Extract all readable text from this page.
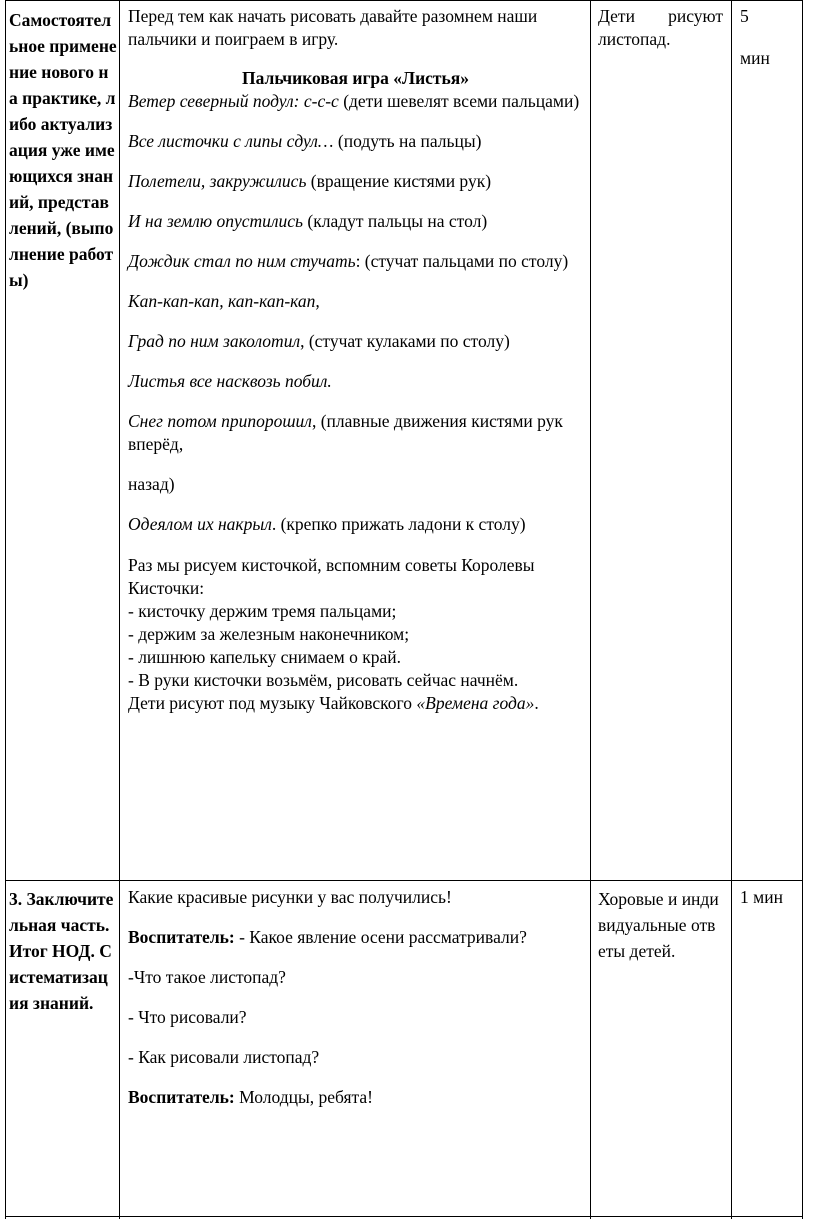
Самостоятельное применение нового на практике, либо актуализация уже имеющихся знаний, представлений, (выполнение работы)

Перед тем как начать рисовать давайте разомнем наши пальчики и поиграем в игру.

Пальчиковая игра «Листья»

Ветер северный подул: с-с-с (дети шевелят всеми пальцами)

Все листочки с липы сдул… (подуть на пальцы)

Полетели, закружились (вращение кистями рук)

И на землю опустились (кладут пальцы на стол)

Дождик стал по ним стучать: (стучат пальцами по столу)

Кап-кап-кап, кап-кап-кап,

Град по ним заколотил, (стучат кулаками по столу)

Листья все насквозь побил.

Снег потом припорошил, (плавные движения кистями рук вперёд,

назад)

Одеялом их накрыл. (крепко прижать ладони к столу)

Раз мы рисуем кисточкой, вспомним советы Королевы Кисточки:

- кисточку держим тремя пальцами;

- держим за железным наконечником;

- лишнюю капельку снимаем о край.

- В руки кисточки возьмём, рисовать сейчас начнём.

Дети рисуют под музыку Чайковского «Времена года».

Дети рисуют листопад.
5
мин
3. Заключительная часть. Итог НОД. Систематизация знаний.

Какие красивые рисунки у вас получились!

Воспитатель: - Какое явление осени рассматривали?

-Что такое листопад?

- Что рисовали?

- Как рисовали листопад?

Воспитатель: Молодцы, ребята!

Хоровые и индивидуальные ответы детей.
1 мин
